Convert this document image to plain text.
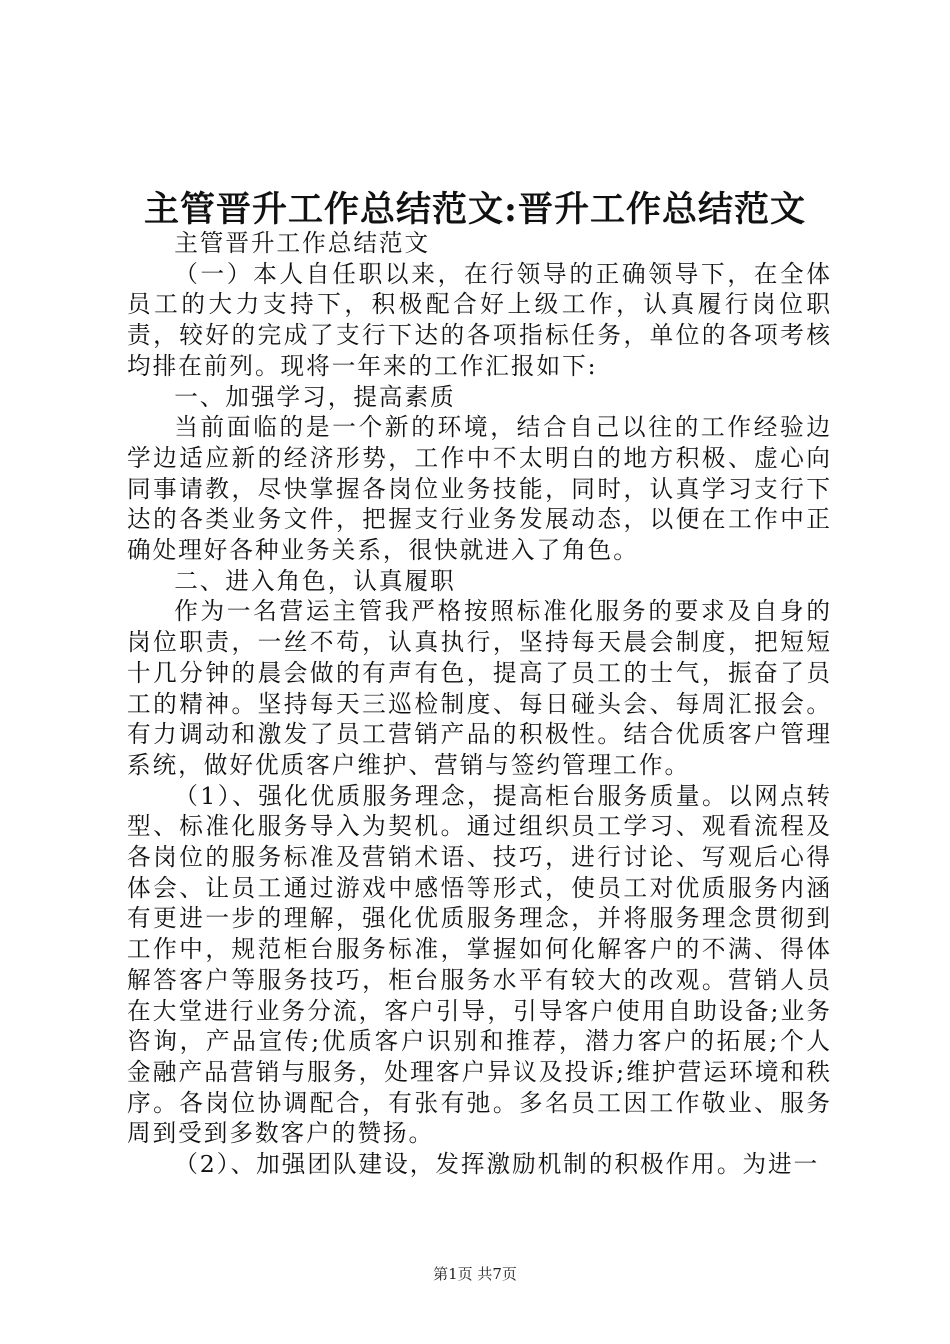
主管晋升工作总结范文:晋升工作总结范文

主管晋升工作总结范文

（一）本人自任职以来，在行领导的正确领导下，在全体员工的大力支持下，积极配合好上级工作，认真履行岗位职责，较好的完成了支行下达的各项指标任务，单位的各项考核均排在前列。现将一年来的工作汇报如下:

一、加强学习，提高素质

当前面临的是一个新的环境，结合自己以往的工作经验边学边适应新的经济形势，工作中不太明白的地方积极、虚心向同事请教，尽快掌握各岗位业务技能，同时，认真学习支行下达的各类业务文件，把握支行业务发展动态，以便在工作中正确处理好各种业务关系，很快就进入了角色。

二、进入角色，认真履职

作为一名营运主管我严格按照标准化服务的要求及自身的岗位职责，一丝不苟，认真执行，坚持每天晨会制度，把短短十几分钟的晨会做的有声有色，提高了员工的士气，振奋了员工的精神。坚持每天三巡检制度、每日碰头会、每周汇报会。有力调动和激发了员工营销产品的积极性。结合优质客户管理系统，做好优质客户维护、营销与签约管理工作。

（1）、强化优质服务理念，提高柜台服务质量。以网点转型、标准化服务导入为契机。通过组织员工学习、观看流程及各岗位的服务标准及营销术语、技巧，进行讨论、写观后心得体会、让员工通过游戏中感悟等形式，使员工对优质服务内涵有更进一步的理解，强化优质服务理念，并将服务理念贯彻到工作中，规范柜台服务标准，掌握如何化解客户的不满、得体解答客户等服务技巧，柜台服务水平有较大的改观。营销人员在大堂进行业务分流，客户引导，引导客户使用自助设备;业务咨询，产品宣传;优质客户识别和推荐，潜力客户的拓展;个人金融产品营销与服务，处理客户异议及投诉;维护营运环境和秩序。各岗位协调配合，有张有弛。多名员工因工作敬业、服务周到受到多数客户的赞扬。

（2）、加强团队建设，发挥激励机制的积极作用。为进一

第1页 共7页
